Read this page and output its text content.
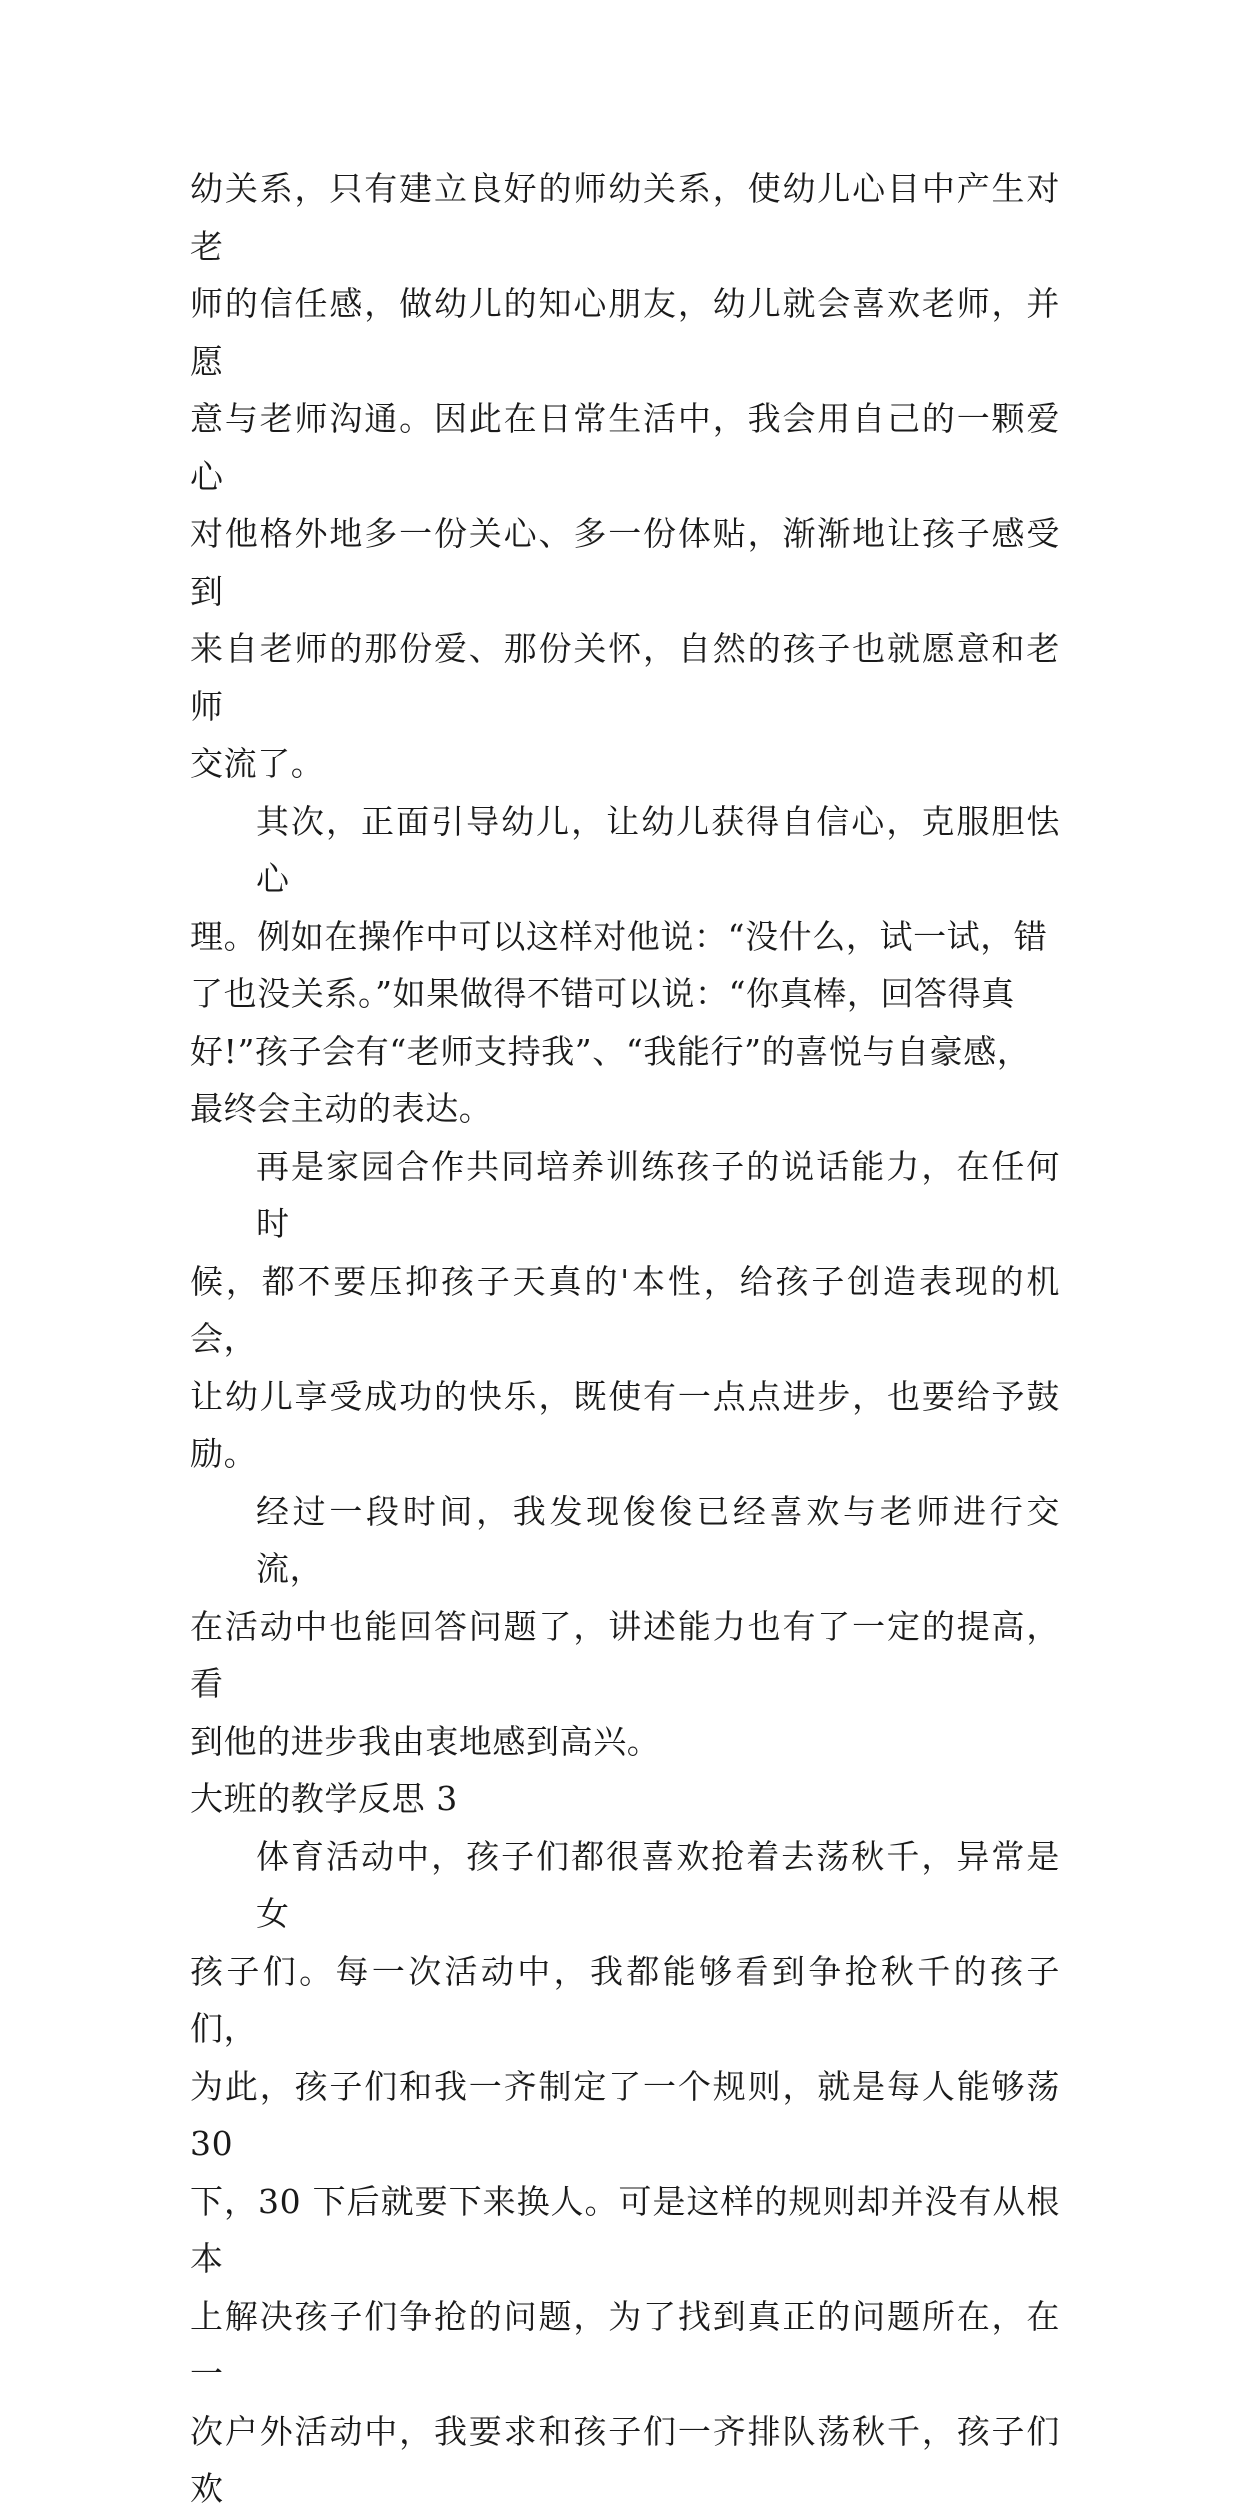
幼关系，只有建立良好的师幼关系，使幼儿心目中产生对老
师的信任感，做幼儿的知心朋友，幼儿就会喜欢老师，并愿
意与老师沟通。因此在日常生活中，我会用自己的一颗爱心
对他格外地多一份关心、多一份体贴，渐渐地让孩子感受到
来自老师的那份爱、那份关怀，自然的孩子也就愿意和老师
交流了。
其次，正面引导幼儿，让幼儿获得自信心，克服胆怯心
理。例如在操作中可以这样对他说：“没什么，试一试，错
了也没关系。”如果做得不错可以说：“你真棒，回答得真
好!”孩子会有“老师支持我”、“我能行”的喜悦与自豪感，
最终会主动的表达。
再是家园合作共同培养训练孩子的说话能力，在任何时
候，都不要压抑孩子天真的'本性，给孩子创造表现的机会，
让幼儿享受成功的快乐，既使有一点点进步，也要给予鼓励。
经过一段时间，我发现俊俊已经喜欢与老师进行交流，
在活动中也能回答问题了，讲述能力也有了一定的提高，看
到他的进步我由衷地感到高兴。
大班的教学反思 3
体育活动中，孩子们都很喜欢抢着去荡秋千，异常是女
孩子们。每一次活动中，我都能够看到争抢秋千的孩子们，
为此，孩子们和我一齐制定了一个规则，就是每人能够荡 30
下，30 下后就要下来换人。可是这样的规则却并没有从根本
上解决孩子们争抢的问题，为了找到真正的问题所在，在一
次户外活动中，我要求和孩子们一齐排队荡秋千，孩子们欢
